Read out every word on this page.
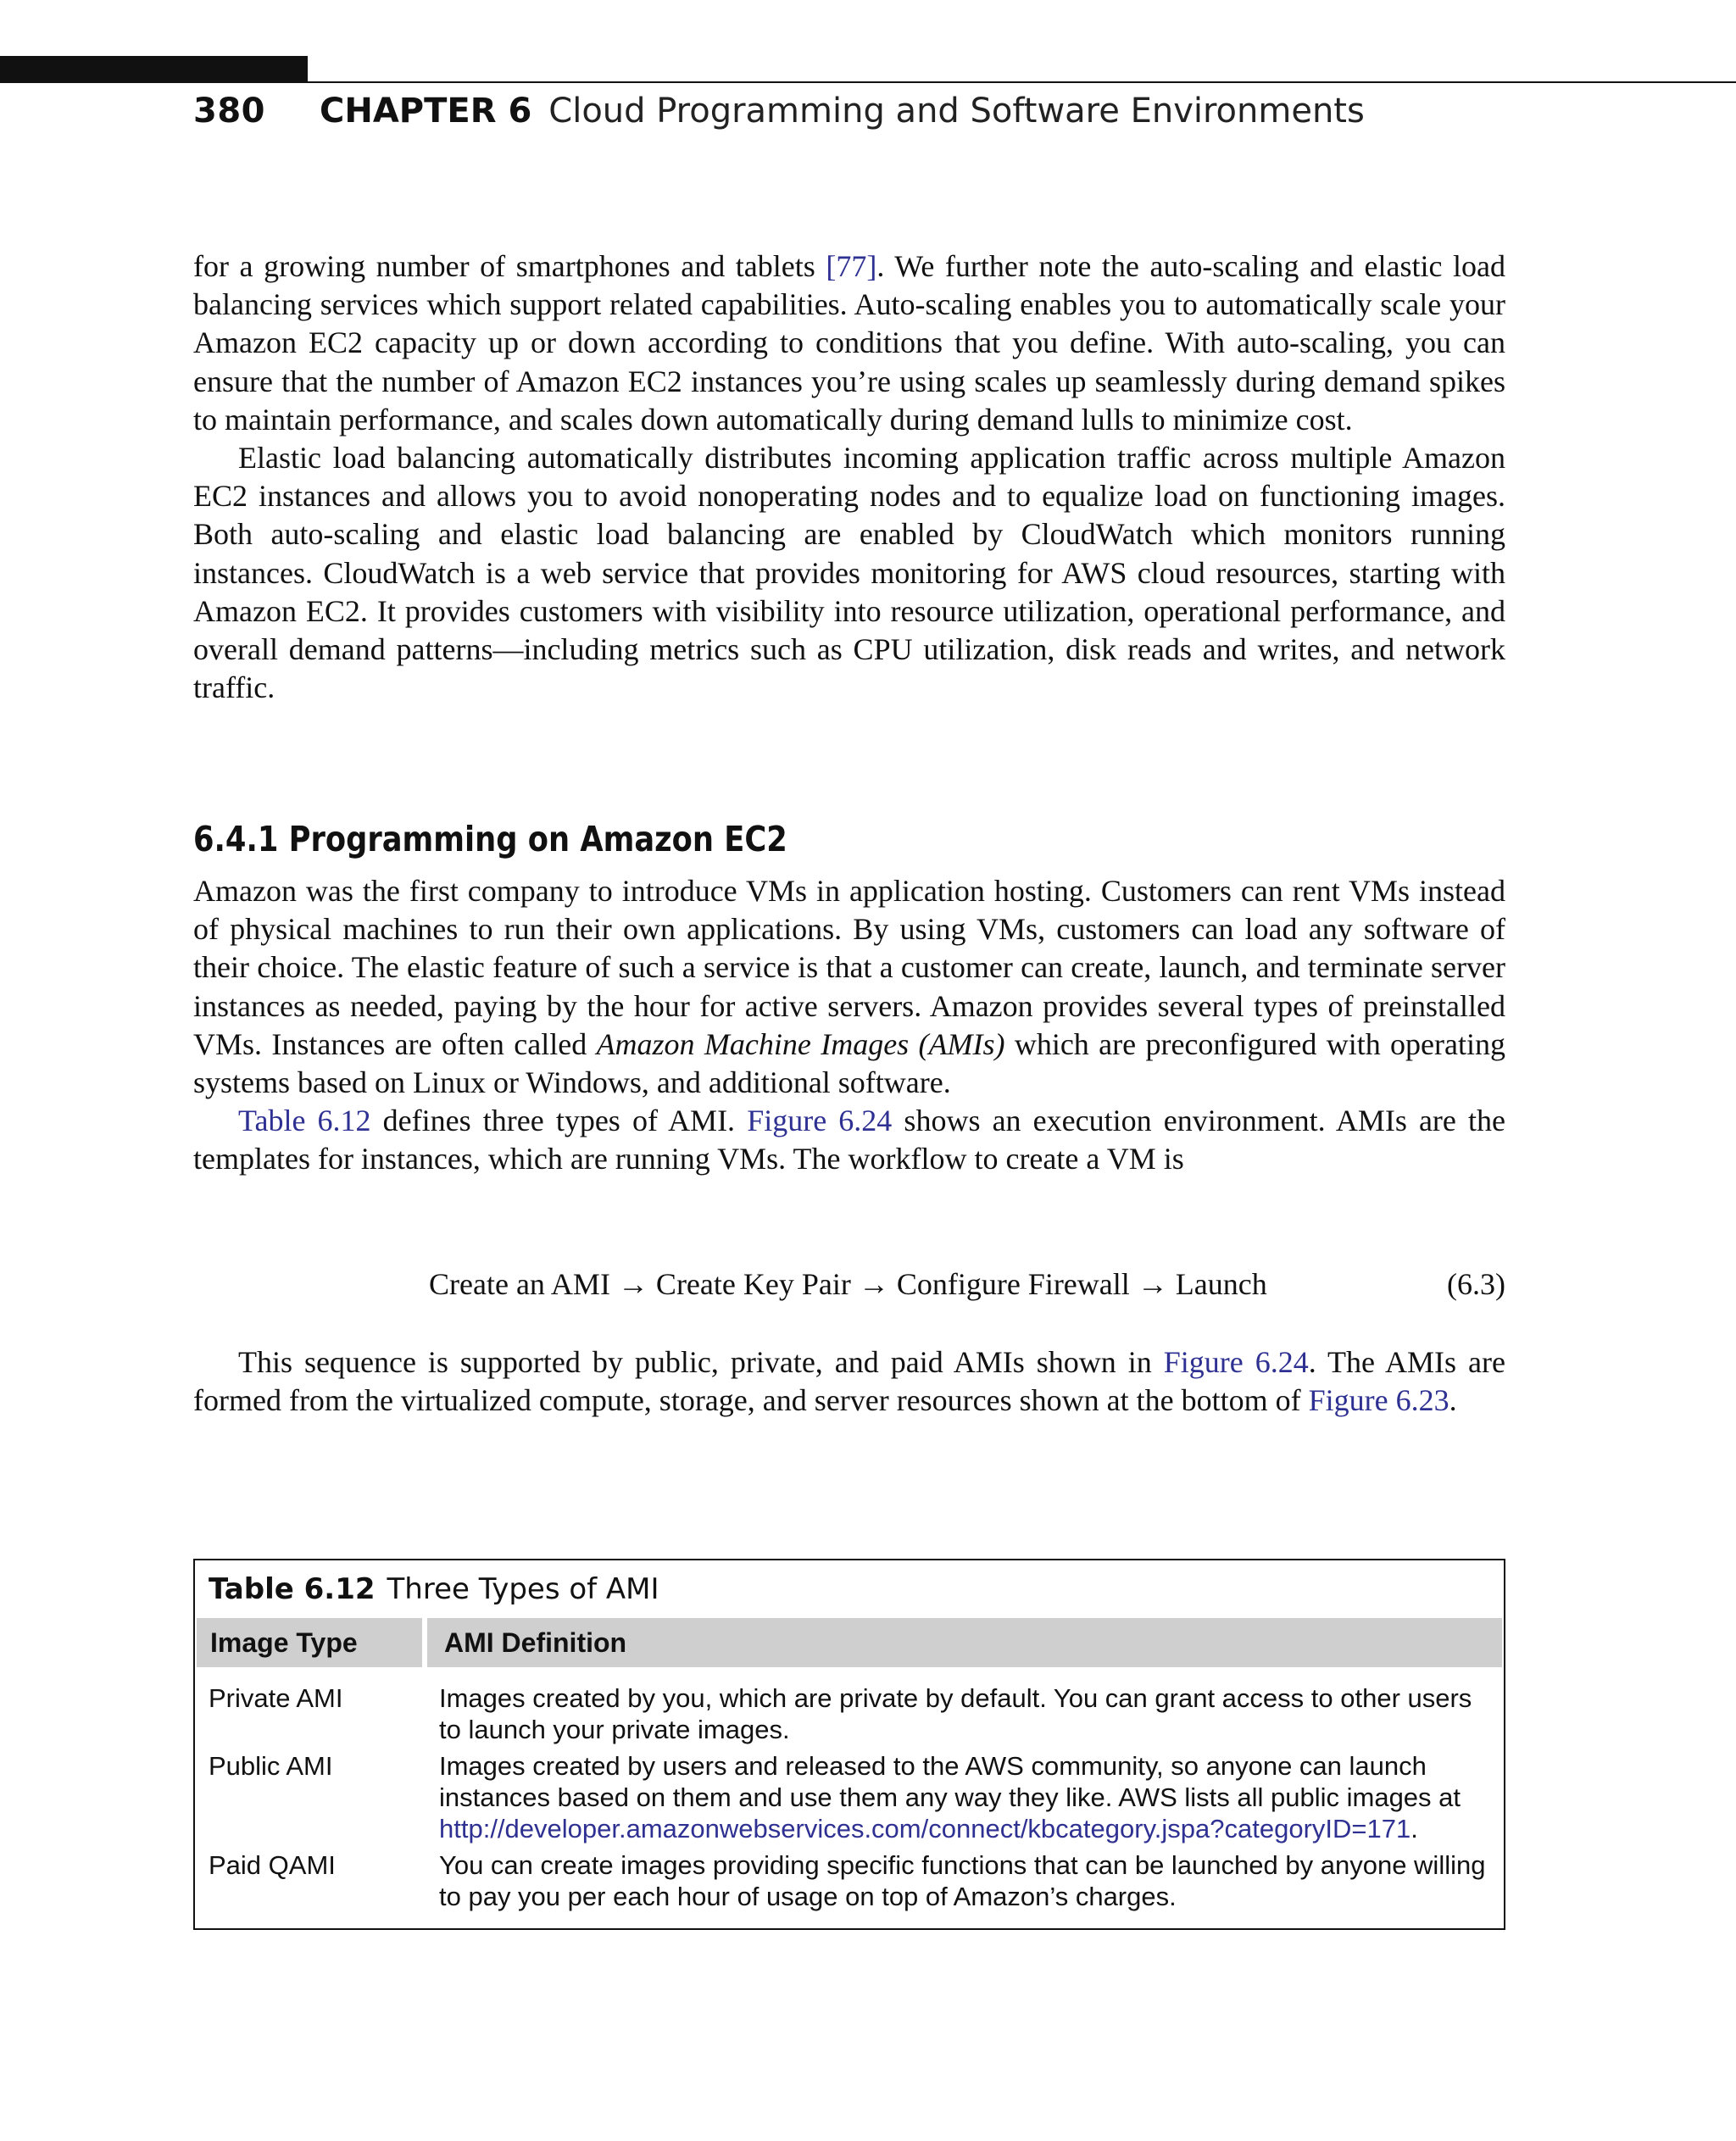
380 CHAPTER 6 Cloud Programming and Software Environments

for a growing number of smartphones and tablets [77]. We further note the auto-scaling and elastic load balancing services which support related capabilities. Auto-scaling enables you to automatically scale your Amazon EC2 capacity up or down according to conditions that you define. With auto-scaling, you can ensure that the number of Amazon EC2 instances you’re using scales up seamlessly during demand spikes to maintain performance, and scales down automatically during demand lulls to minimize cost.

Elastic load balancing automatically distributes incoming application traffic across multiple Amazon EC2 instances and allows you to avoid nonoperating nodes and to equalize load on functioning images. Both auto-scaling and elastic load balancing are enabled by CloudWatch which monitors running instances. CloudWatch is a web service that provides monitoring for AWS cloud resources, starting with Amazon EC2. It provides customers with visibility into resource utilization, operational performance, and overall demand patterns—including metrics such as CPU utilization, disk reads and writes, and network traffic.

6.4.1 Programming on Amazon EC2

Amazon was the first company to introduce VMs in application hosting. Customers can rent VMs instead of physical machines to run their own applications. By using VMs, customers can load any software of their choice. The elastic feature of such a service is that a customer can create, launch, and terminate server instances as needed, paying by the hour for active servers. Amazon provides several types of preinstalled VMs. Instances are often called Amazon Machine Images (AMIs) which are preconfigured with operating systems based on Linux or Windows, and additional software.

Table 6.12 defines three types of AMI. Figure 6.24 shows an execution environment. AMIs are the templates for instances, which are running VMs. The workflow to create a VM is

Create an AMI → Create Key Pair → Configure Firewall → Launch	(6.3)

This sequence is supported by public, private, and paid AMIs shown in Figure 6.24. The AMIs are formed from the virtualized compute, storage, and server resources shown at the bottom of Figure 6.23.

Table 6.12 Three Types of AMI
Image Type	AMI Definition
Private AMI	Images created by you, which are private by default. You can grant access to other users to launch your private images.
Public AMI	Images created by users and released to the AWS community, so anyone can launch instances based on them and use them any way they like. AWS lists all public images at http://developer.amazonwebservices.com/connect/kbcategory.jspa?categoryID=171.
Paid QAMI	You can create images providing specific functions that can be launched by anyone willing to pay you per each hour of usage on top of Amazon’s charges.
